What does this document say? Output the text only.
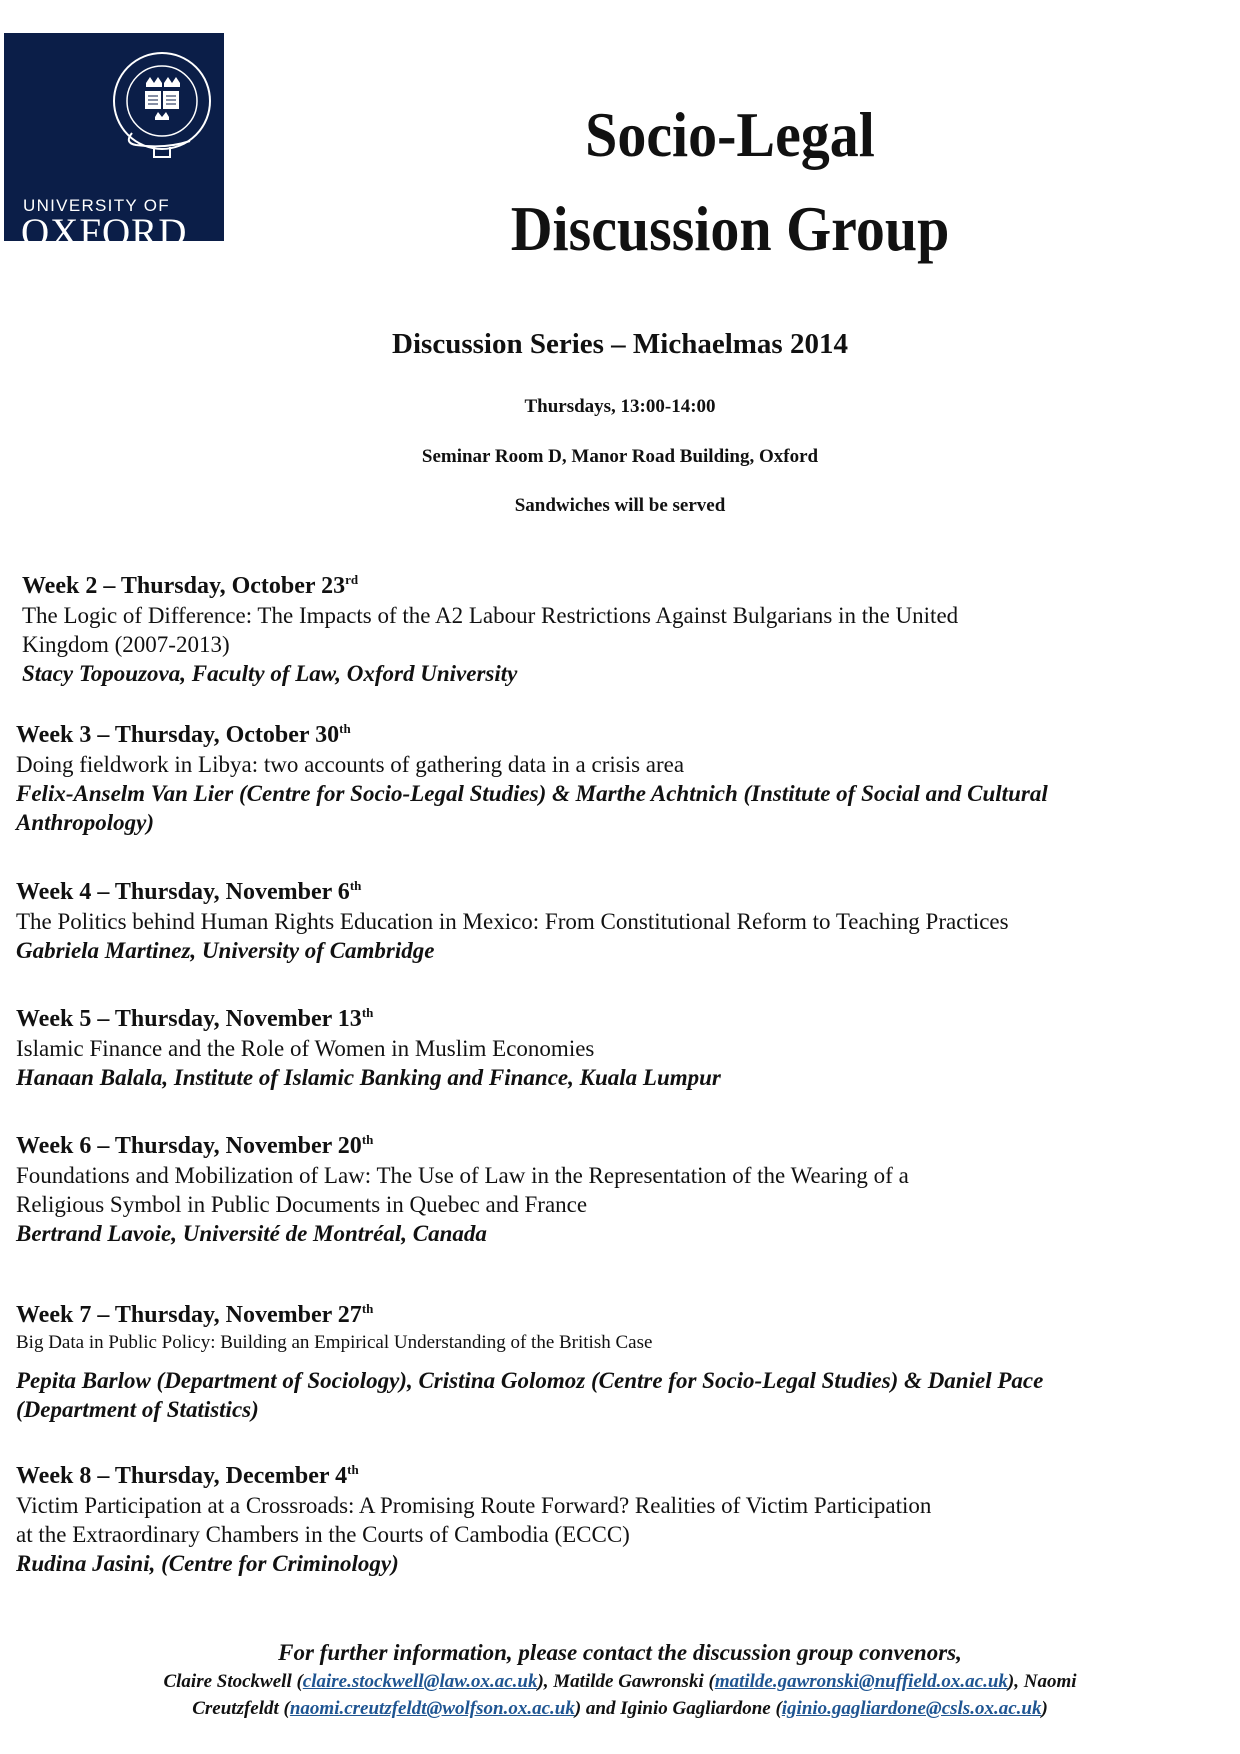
UNIVERSITY OF
OXFORD
Socio-Legal
Discussion Group
Discussion Series – Michaelmas 2014
Thursdays, 13:00-14:00
Seminar Room D, Manor Road Building, Oxford
Sandwiches will be served
Week 2 – Thursday, October 23rd
The Logic of Difference: The Impacts of the A2 Labour Restrictions Against Bulgarians in the United
Kingdom (2007-2013)
Stacy Topouzova, Faculty of Law, Oxford University
Week 3 – Thursday, October 30th
Doing fieldwork in Libya: two accounts of gathering data in a crisis area
Felix-Anselm Van Lier (Centre for Socio-Legal Studies) & Marthe Achtnich (Institute of Social and Cultural
Anthropology)
Week 4 – Thursday, November 6th
The Politics behind Human Rights Education in Mexico: From Constitutional Reform to Teaching Practices
Gabriela Martinez, University of Cambridge
Week 5 – Thursday, November 13th
Islamic Finance and the Role of Women in Muslim Economies
Hanaan Balala, Institute of Islamic Banking and Finance, Kuala Lumpur
Week 6 – Thursday, November 20th
Foundations and Mobilization of Law: The Use of Law in the Representation of the Wearing of a
Religious Symbol in Public Documents in Quebec and France
Bertrand Lavoie, Université de Montréal, Canada
Week 7 – Thursday, November 27th
Big Data in Public Policy: Building an Empirical Understanding of the British Case
Pepita Barlow (Department of Sociology), Cristina Golomoz (Centre for Socio-Legal Studies) & Daniel Pace
(Department of Statistics)
Week 8 – Thursday, December 4th
Victim Participation at a Crossroads: A Promising Route Forward? Realities of Victim Participation
at the Extraordinary Chambers in the Courts of Cambodia (ECCC)
Rudina Jasini, (Centre for Criminology)
For further information, please contact the discussion group convenors,
Claire Stockwell (claire.stockwell@law.ox.ac.uk), Matilde Gawronski (matilde.gawronski@nuffield.ox.ac.uk), Naomi
Creutzfeldt (naomi.creutzfeldt@wolfson.ox.ac.uk) and Iginio Gagliardone (iginio.gagliardone@csls.ox.ac.uk)
